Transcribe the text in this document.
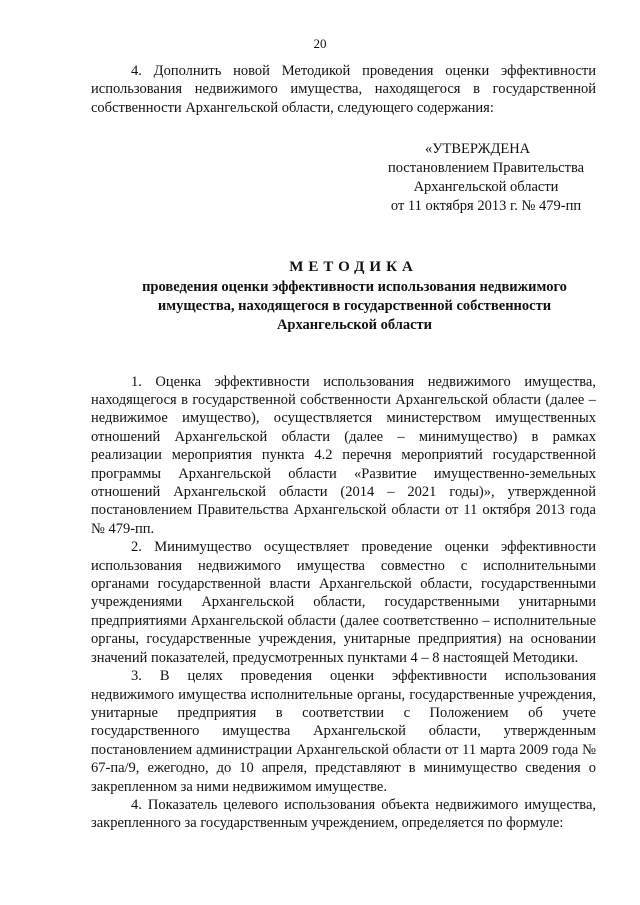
20

4. Дополнить новой Методикой проведения оценки эффективности использования недвижимого имущества, находящегося в государственной собственности Архангельской области, следующего содержания:

«УТВЕРЖДЕНА
постановлением Правительства
Архангельской области
от 11 октября 2013 г. № 479-пп
МЕТОДИКА
проведения оценки эффективности использования недвижимого имущества, находящегося в государственной собственности Архангельской области

1. Оценка эффективности использования недвижимого имущества, находящегося в государственной собственности Архангельской области (далее – недвижимое имущество), осуществляется министерством имущественных отношений Архангельской области (далее – минимущество) в рамках реализации мероприятия пункта 4.2 перечня мероприятий государственной программы Архангельской области «Развитие имущественно-земельных отношений Архангельской области (2014 – 2021 годы)», утвержденной постановлением Правительства Архангельской области от 11 октября 2013 года № 479-пп.

2. Минимущество осуществляет проведение оценки эффективности использования недвижимого имущества совместно с исполнительными органами государственной власти Архангельской области, государственными учреждениями Архангельской области, государственными унитарными предприятиями Архангельской области (далее соответственно – исполнительные органы, государственные учреждения, унитарные предприятия) на основании значений показателей, предусмотренных пунктами 4 – 8 настоящей Методики.

3. В целях проведения оценки эффективности использования недвижимого имущества исполнительные органы, государственные учреждения, унитарные предприятия в соответствии с Положением об учете государственного имущества Архангельской области, утвержденным постановлением администрации Архангельской области от 11 марта 2009 года № 67-па/9, ежегодно, до 10 апреля, представляют в минимущество сведения о закрепленном за ними недвижимом имуществе.

4. Показатель целевого использования объекта недвижимого имущества, закрепленного за государственным учреждением, определяется по формуле:
